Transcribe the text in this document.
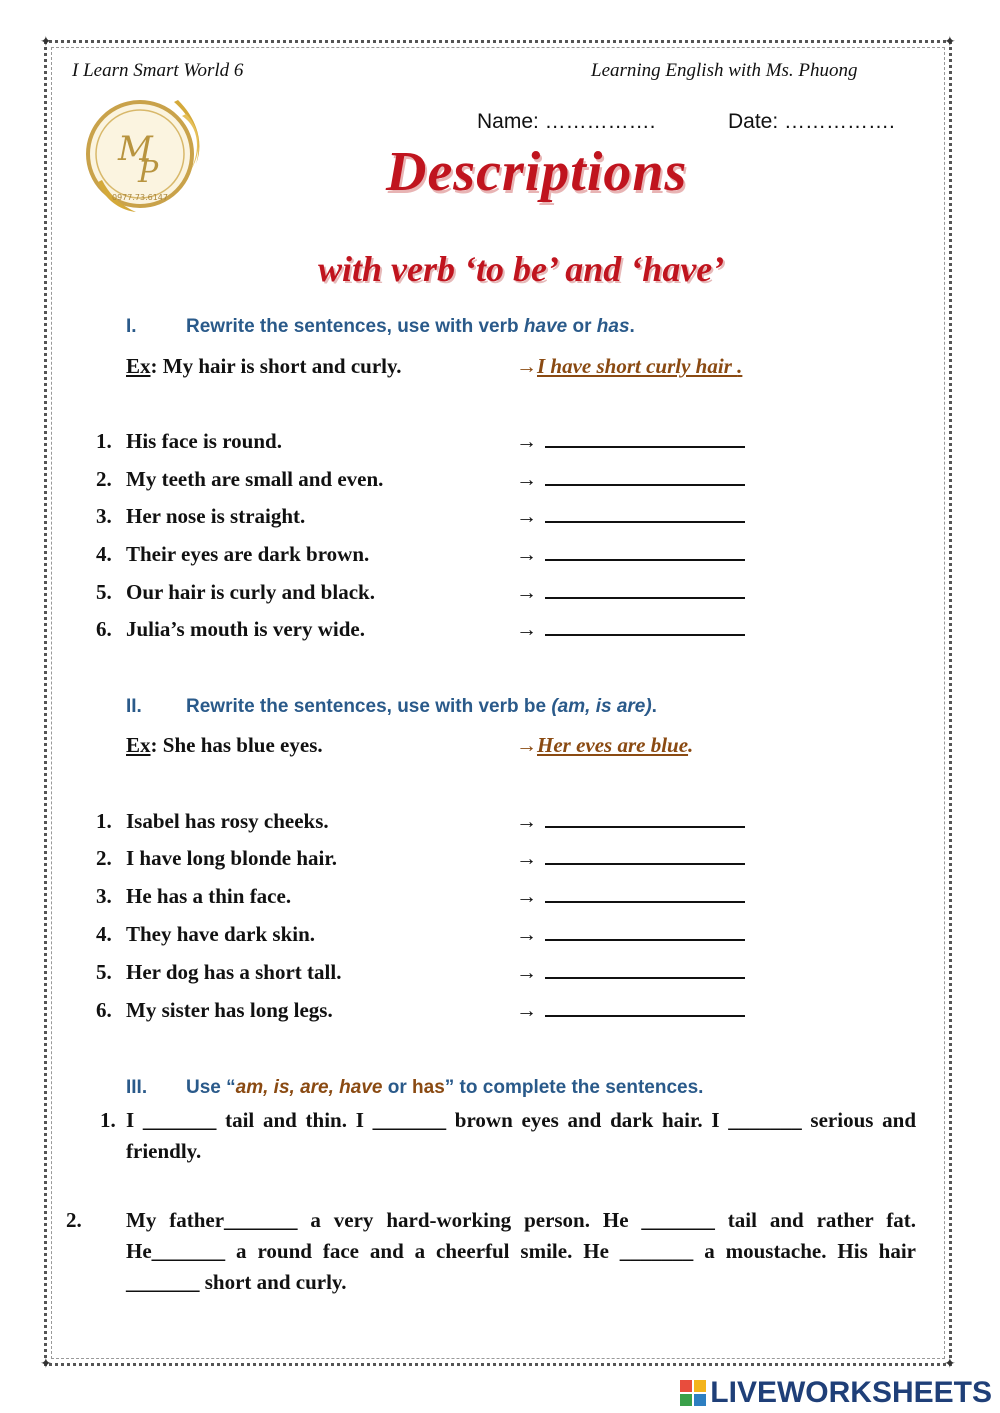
✦	✦
✦	✦
I Learn Smart World 6	Learning English with Ms. Phuong
M
P
0977.73.6147
Name: …………….	Date: …………….
Descriptions
with verb ‘to be’ and ‘have’
I.	Rewrite the sentences, use with verb have or has.
Ex: My hair is short and curly.	→I have short curly hair .
1. His face is round.	→
2. My teeth are small and even.	→
3. Her nose is straight.	→
4. Their eyes are dark brown.	→
5. Our hair is curly and black.	→
6. Julia’s mouth is very wide.	→
II. Rewrite the sentences, use with verb be (am, is are).
Ex: She has blue eyes.	→Her eves are blue.
1. Isabel has rosy cheeks.	→
2. I have long blonde hair.	→
3. He has a thin face.	→
4. They have dark skin.	→
5. Her dog has a short tall.	→
6. My sister has long legs.	→
III. Use “am, is, are, have or has” to complete the sentences.
1. I _______ tail and thin. I _______ brown eyes and dark hair. I _______ serious and friendly.
2. My father_______ a very hard-working person. He _______ tail and rather fat. He_______ a round face and a cheerful smile. He _______ a moustache. His hair _______ short and curly.
LIVEWORKSHEETS
